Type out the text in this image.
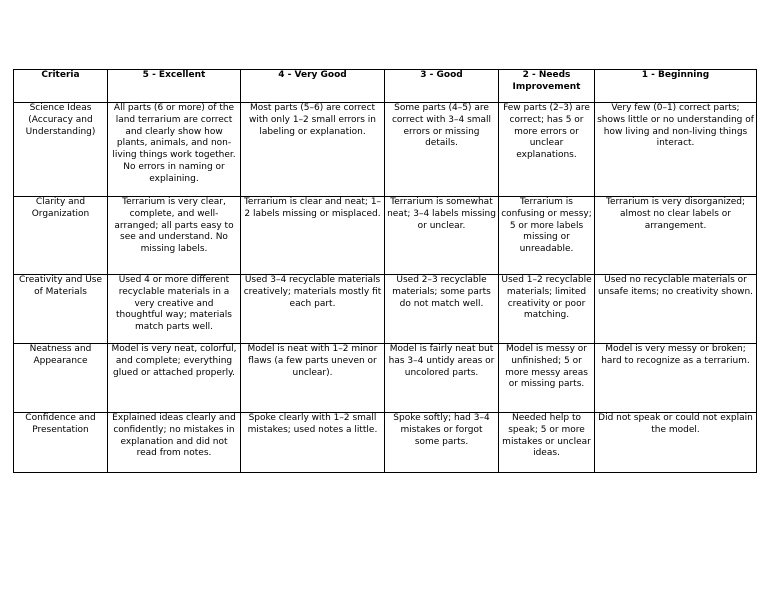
Criteria	5 - Excellent	4 - Very Good	3 - Good	2 - Needs Improvement	1 - Beginning
Science Ideas (Accuracy and Understanding)	All parts (6 or more) of the land terrarium are correct and clearly show how plants, animals, and non-living things work together. No errors in naming or explaining.	Most parts (5–6) are correct with only 1–2 small errors in labeling or explanation.	Some parts (4–5) are correct with 3–4 small errors or missing details.	Few parts (2–3) are correct; has 5 or more errors or unclear explanations.	Very few (0–1) correct parts; shows little or no understanding of how living and non-living things interact.
Clarity and Organization	Terrarium is very clear, complete, and well-arranged; all parts easy to see and understand. No missing labels.	Terrarium is clear and neat; 1–2 labels missing or misplaced.	Terrarium is somewhat neat; 3–4 labels missing or unclear.	Terrarium is confusing or messy; 5 or more labels missing or unreadable.	Terrarium is very disorganized; almost no clear labels or arrangement.
Creativity and Use of Materials	Used 4 or more different recyclable materials in a very creative and thoughtful way; materials match parts well.	Used 3–4 recyclable materials creatively; materials mostly fit each part.	Used 2–3 recyclable materials; some parts do not match well.	Used 1–2 recyclable materials; limited creativity or poor matching.	Used no recyclable materials or unsafe items; no creativity shown.
Neatness and Appearance	Model is very neat, colorful, and complete; everything glued or attached properly.	Model is neat with 1–2 minor flaws (a few parts uneven or unclear).	Model is fairly neat but has 3–4 untidy areas or uncolored parts.	Model is messy or unfinished; 5 or more messy areas or missing parts.	Model is very messy or broken; hard to recognize as a terrarium.
Confidence and Presentation	Explained ideas clearly and confidently; no mistakes in explanation and did not read from notes.	Spoke clearly with 1–2 small mistakes; used notes a little.	Spoke softly; had 3–4 mistakes or forgot some parts.	Needed help to speak; 5 or more mistakes or unclear ideas.	Did not speak or could not explain the model.
